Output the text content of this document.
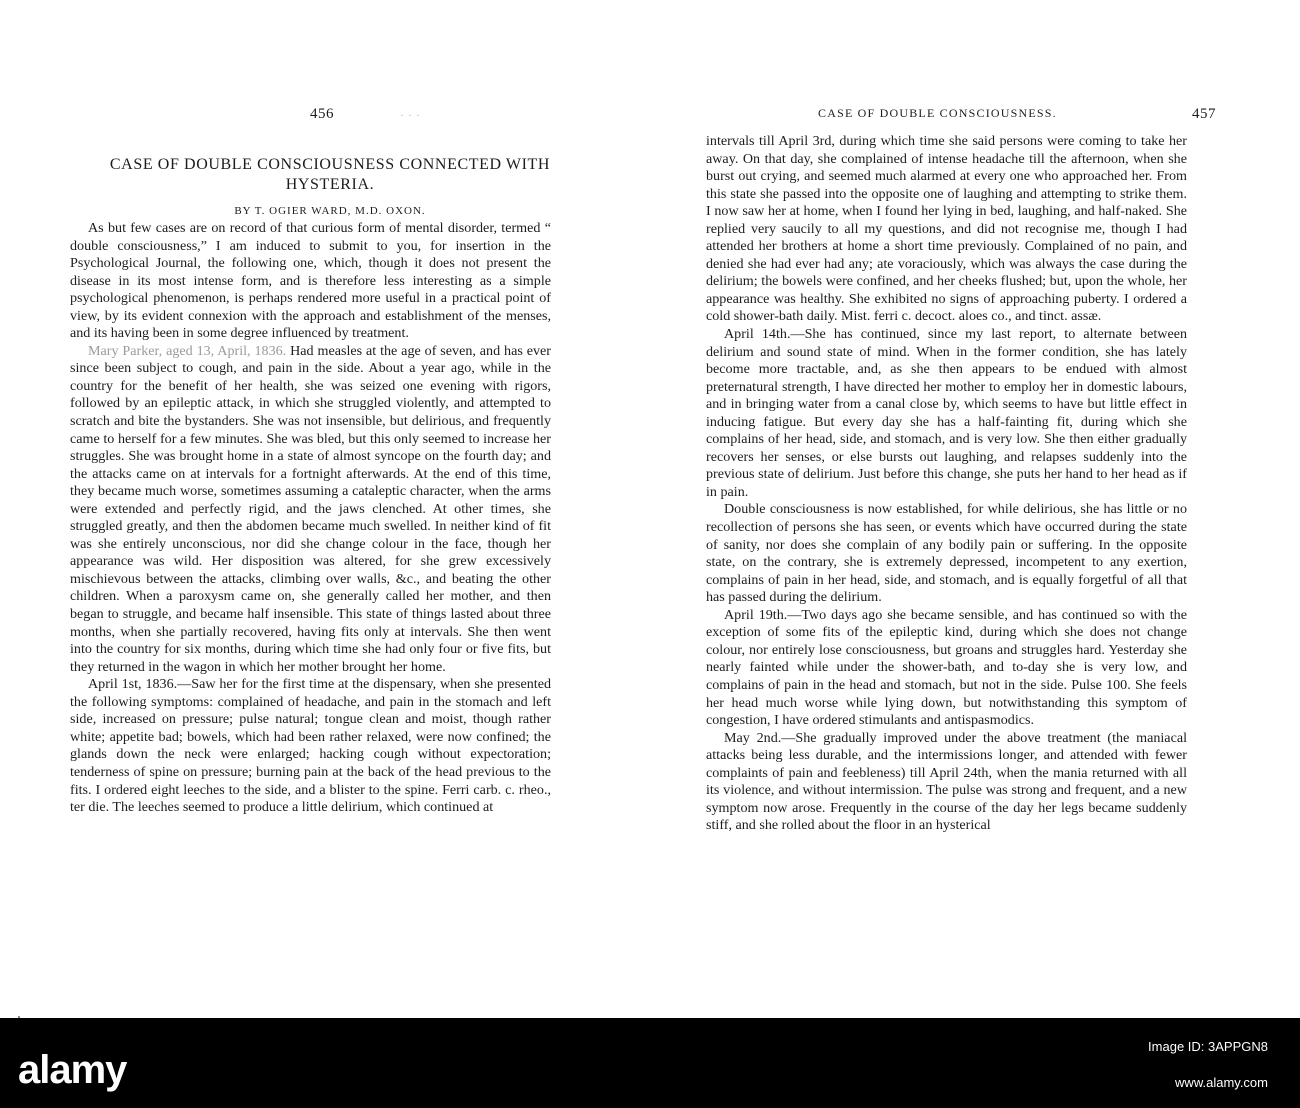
456	· · ·
CASE OF DOUBLE CONSCIOUSNESS CONNECTED WITH HYSTERIA.
BY T. OGIER WARD, M.D. OXON.

As but few cases are on record of that curious form of mental disorder, termed “ double consciousness,” I am induced to submit to you, for insertion in the Psychological Journal, the following one, which, though it does not present the disease in its most intense form, and is therefore less interesting as a simple psychological phenomenon, is perhaps rendered more useful in a practical point of view, by its evident connexion with the approach and establishment of the menses, and its having been in some degree influenced by treatment.

Mary Parker, aged 13, April, 1836. Had measles at the age of seven, and has ever since been subject to cough, and pain in the side. About a year ago, while in the country for the benefit of her health, she was seized one evening with rigors, followed by an epileptic attack, in which she struggled violently, and attempted to scratch and bite the bystanders. She was not insensible, but delirious, and frequently came to herself for a few minutes. She was bled, but this only seemed to increase her struggles. She was brought home in a state of almost syncope on the fourth day; and the attacks came on at intervals for a fortnight afterwards. At the end of this time, they became much worse, sometimes assuming a cataleptic character, when the arms were extended and perfectly rigid, and the jaws clenched. At other times, she struggled greatly, and then the abdomen became much swelled. In neither kind of fit was she entirely unconscious, nor did she change colour in the face, though her appearance was wild. Her disposition was altered, for she grew excessively mischievous between the attacks, climbing over walls, &c., and beating the other children. When a paroxysm came on, she generally called her mother, and then began to struggle, and became half insensible. This state of things lasted about three months, when she partially recovered, having fits only at intervals. She then went into the country for six months, during which time she had only four or five fits, but they returned in the wagon in which her mother brought her home.

April 1st, 1836.—Saw her for the first time at the dispensary, when she presented the following symptoms: complained of headache, and pain in the stomach and left side, increased on pressure; pulse natural; tongue clean and moist, though rather white; appetite bad; bowels, which had been rather relaxed, were now confined; the glands down the neck were enlarged; hacking cough without expectoration; tenderness of spine on pressure; burning pain at the back of the head previous to the fits. I ordered eight leeches to the side, and a blister to the spine. Ferri carb. c. rheo., ter die. The leeches seemed to produce a little delirium, which continued at

CASE OF DOUBLE CONSCIOUSNESS.	457

intervals till April 3rd, during which time she said persons were coming to take her away. On that day, she complained of intense headache till the afternoon, when she burst out crying, and seemed much alarmed at every one who approached her. From this state she passed into the opposite one of laughing and attempting to strike them. I now saw her at home, when I found her lying in bed, laughing, and half-naked. She replied very saucily to all my questions, and did not recognise me, though I had attended her brothers at home a short time previously. Complained of no pain, and denied she had ever had any; ate voraciously, which was always the case during the delirium; the bowels were confined, and her cheeks flushed; but, upon the whole, her appearance was healthy. She exhibited no signs of approaching puberty. I ordered a cold shower-bath daily. Mist. ferri c. decoct. aloes co., and tinct. assæ.

April 14th.—She has continued, since my last report, to alternate between delirium and sound state of mind. When in the former condition, she has lately become more tractable, and, as she then appears to be endued with almost preternatural strength, I have directed her mother to employ her in domestic labours, and in bringing water from a canal close by, which seems to have but little effect in inducing fatigue. But every day she has a half-fainting fit, during which she complains of her head, side, and stomach, and is very low. She then either gradually recovers her senses, or else bursts out laughing, and relapses suddenly into the previous state of delirium. Just before this change, she puts her hand to her head as if in pain.

Double consciousness is now established, for while delirious, she has little or no recollection of persons she has seen, or events which have occurred during the state of sanity, nor does she complain of any bodily pain or suffering. In the opposite state, on the contrary, she is extremely depressed, incompetent to any exertion, complains of pain in her head, side, and stomach, and is equally forgetful of all that has passed during the delirium.

April 19th.—Two days ago she became sensible, and has continued so with the exception of some fits of the epileptic kind, during which she does not change colour, nor entirely lose consciousness, but groans and struggles hard. Yesterday she nearly fainted while under the shower-bath, and to-day she is very low, and complains of pain in the head and stomach, but not in the side. Pulse 100. She feels her head much worse while lying down, but notwithstanding this symptom of congestion, I have ordered stimulants and antispasmodics.

May 2nd.—She gradually improved under the above treatment (the maniacal attacks being less durable, and the intermissions longer, and attended with fewer complaints of pain and feebleness) till April 24th, when the mania returned with all its violence, and without intermission. The pulse was strong and frequent, and a new symptom now arose. Frequently in the course of the day her legs became suddenly stiff, and she rolled about the floor in an hysterical

alamy
Image ID: 3APPGN8
www.alamy.com
